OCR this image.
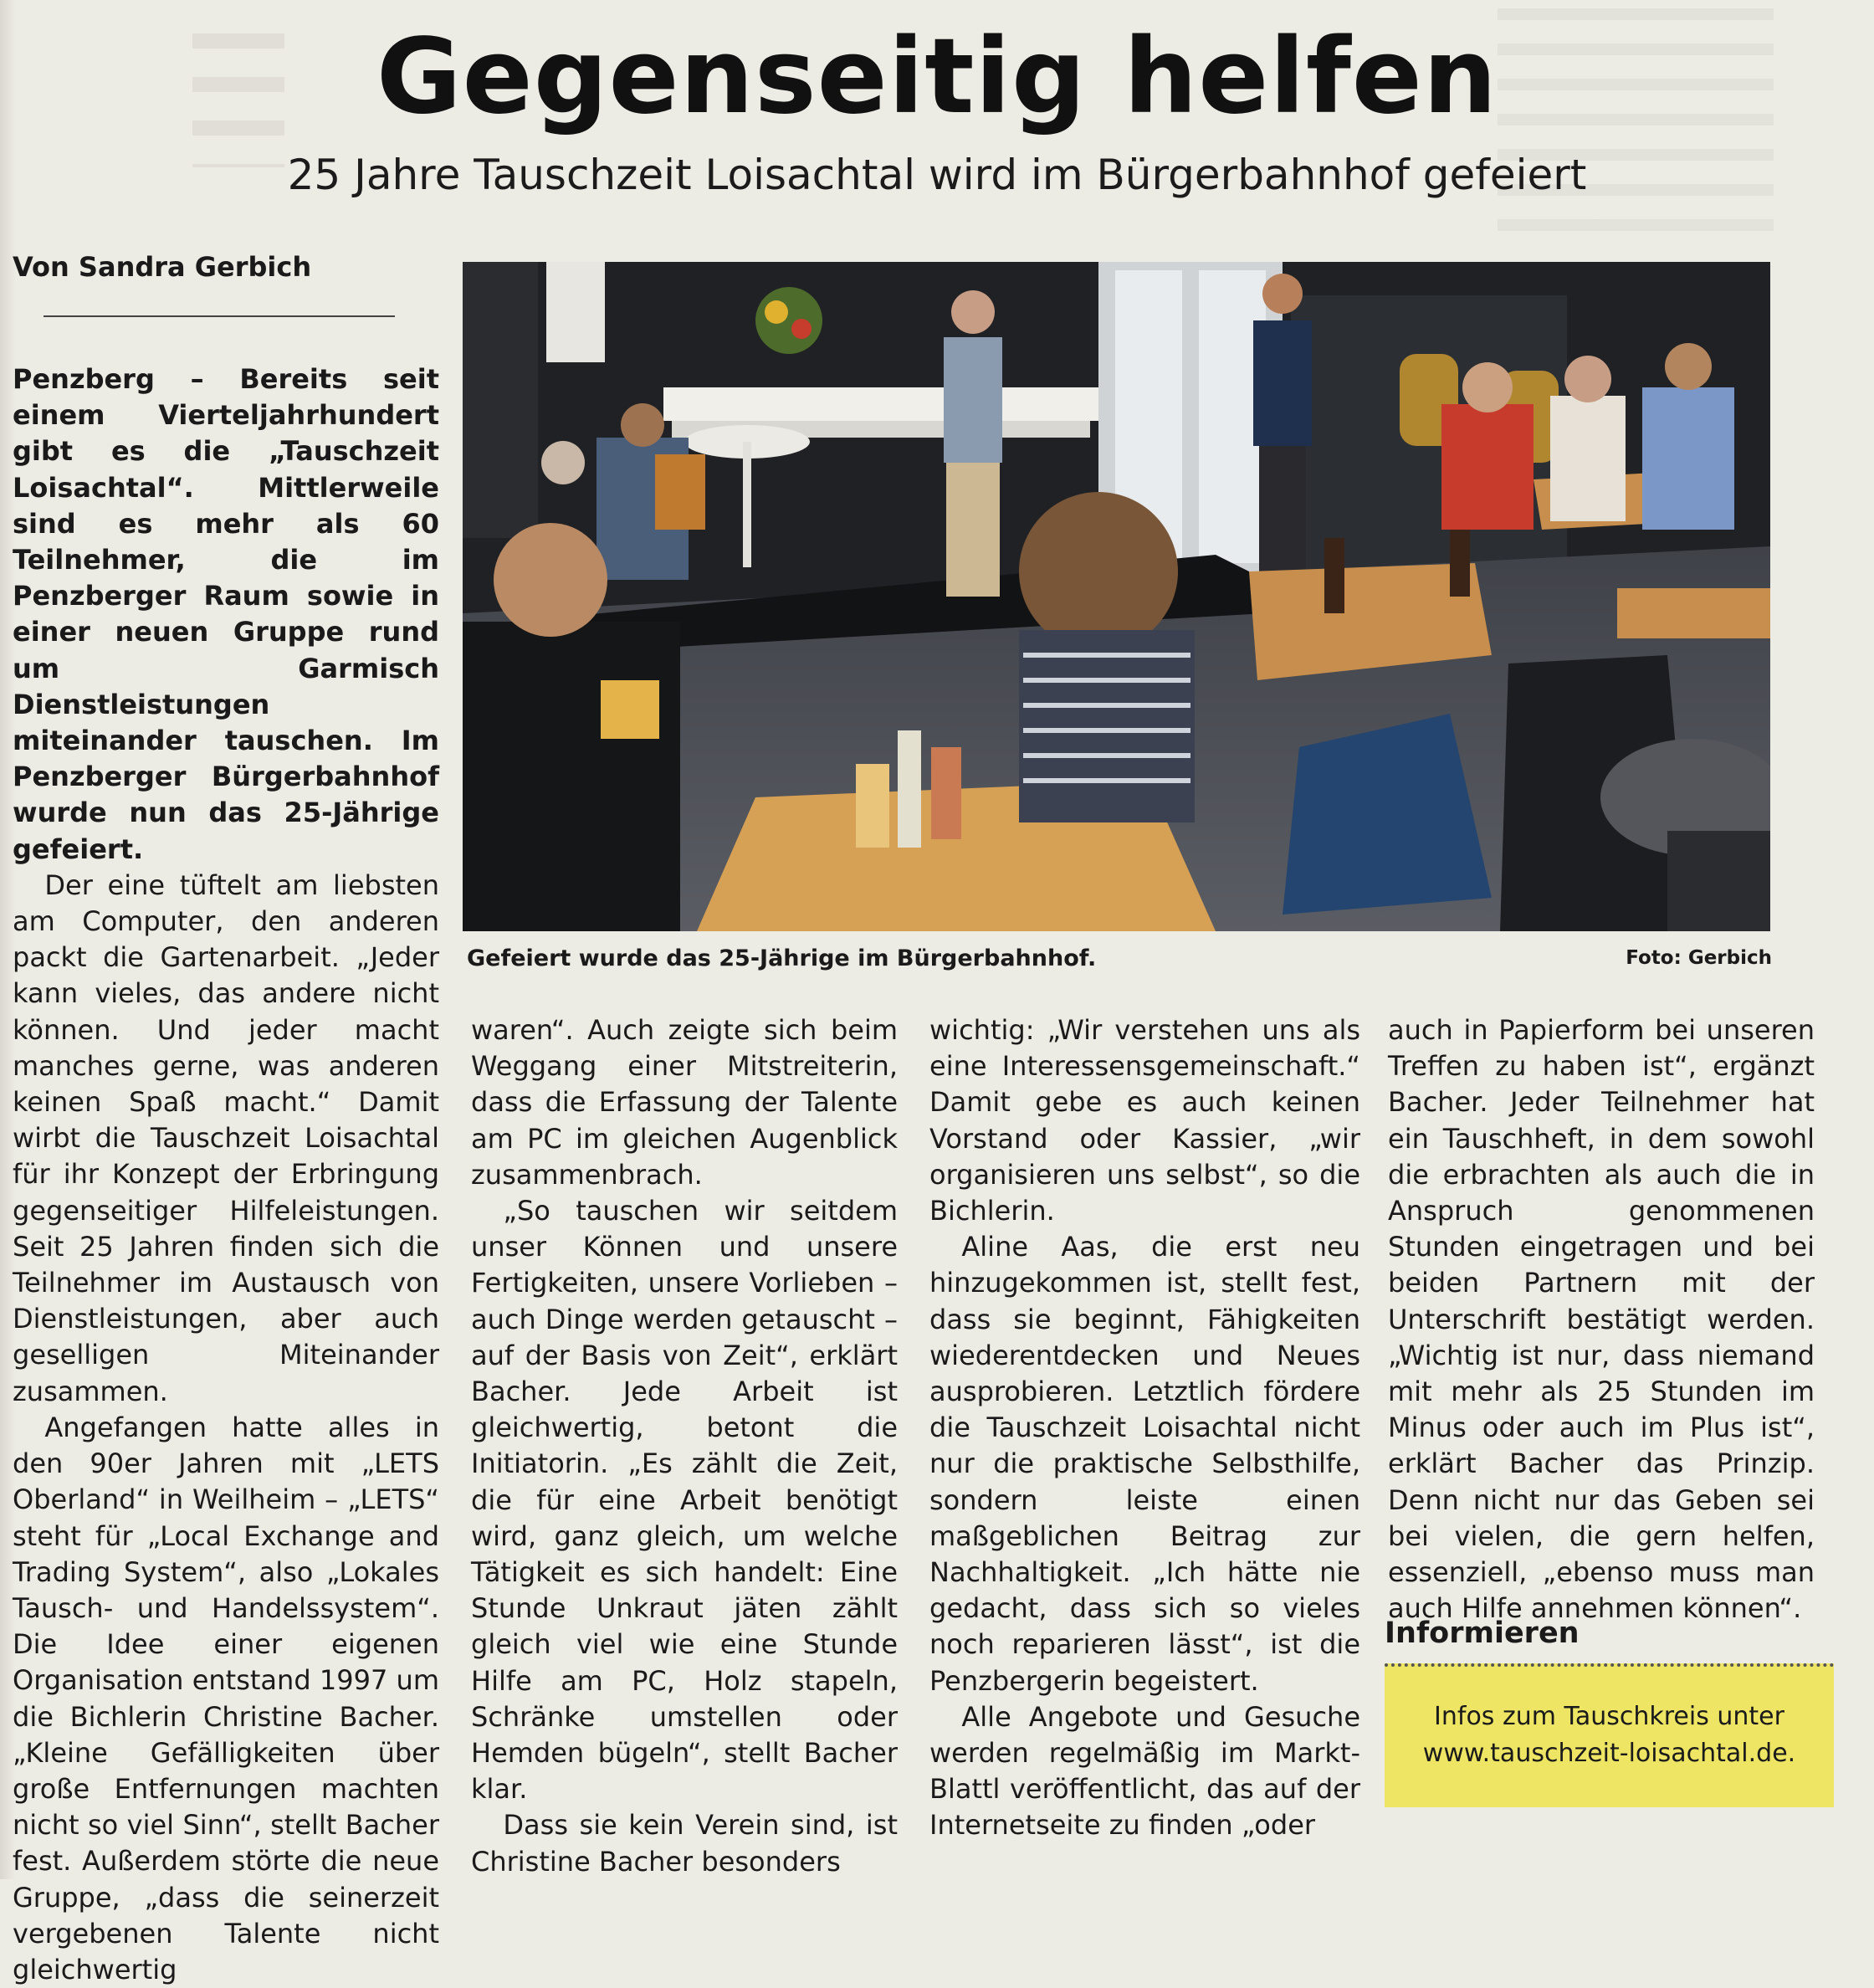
Gegenseitig helfen
25 Jahre Tauschzeit Loisachtal wird im Bürgerbahnhof gefeiert
Von Sandra Gerbich
Gefeiert wurde das 25-Jährige im Bürgerbahnhof.	Foto: Gerbich

Penzberg – Bereits seit einem Vierteljahrhundert gibt es die „Tauschzeit Loisachtal“. Mittlerweile sind es mehr als 60 Teilnehmer, die im Penzberger Raum sowie in einer neuen Gruppe rund um Garmisch Dienstleistungen miteinander tauschen. Im Penzberger Bürgerbahnhof wurde nun das 25-Jährige gefeiert.

Der eine tüftelt am liebsten am Computer, den anderen packt die Gartenarbeit. „Jeder kann vieles, das andere nicht können. Und jeder macht manches gerne, was anderen keinen Spaß macht.“ Damit wirbt die Tauschzeit Loisachtal für ihr Konzept der Erbringung gegenseitiger Hilfeleistungen. Seit 25 Jahren finden sich die Teilnehmer im Austausch von Dienstleistungen, aber auch geselligen Miteinander zusammen.

Angefangen hatte alles in den 90er Jahren mit „LETS Oberland“ in Weilheim – „LETS“ steht für „Local Exchange and Trading System“, also „Lokales Tausch- und Handelssystem“. Die Idee einer eigenen Organisation entstand 1997 um die Bichlerin Christine Bacher. „Kleine Gefälligkeiten über große Entfernungen machten nicht so viel Sinn“, stellt Bacher fest. Außerdem störte die neue Gruppe, „dass die seinerzeit vergebenen Talente nicht gleichwertig

waren“. Auch zeigte sich beim Weggang einer Mitstreiterin, dass die Erfassung der Talente am PC im gleichen Augenblick zusammenbrach.

„So tauschen wir seitdem unser Können und unsere Fertigkeiten, unsere Vorlieben – auch Dinge werden getauscht –auf der Basis von Zeit“, erklärt Bacher. Jede Arbeit ist gleichwertig, betont die Initiatorin. „Es zählt die Zeit, die für eine Arbeit benötigt wird, ganz gleich, um welche Tätigkeit es sich handelt: Eine Stunde Unkraut jäten zählt gleich viel wie eine Stunde Hilfe am PC, Holz stapeln, Schränke umstellen oder Hemden bügeln“, stellt Bacher klar.

Dass sie kein Verein sind, ist Christine Bacher besonders

wichtig: „Wir verstehen uns als eine Interessensgemeinschaft.“ Damit gebe es auch keinen Vorstand oder Kassier, „wir organisieren uns selbst“, so die Bichlerin.

Aline Aas, die erst neu hinzugekommen ist, stellt fest, dass sie beginnt, Fähigkeiten wiederentdecken und Neues ausprobieren. Letztlich fördere die Tauschzeit Loisachtal nicht nur die praktische Selbsthilfe, sondern leiste einen maßgeblichen Beitrag zur Nachhaltigkeit. „Ich hätte nie gedacht, dass sich so vieles noch reparieren lässt“, ist die Penzbergerin begeistert.

Alle Angebote und Gesuche werden regelmäßig im Markt-Blattl veröffentlicht, das auf der Internetseite zu finden „oder

auch in Papierform bei unseren Treffen zu haben ist“, ergänzt Bacher. Jeder Teilnehmer hat ein Tauschheft, in dem sowohl die erbrachten als auch die in Anspruch genommenen Stunden eingetragen und bei beiden Partnern mit der Unterschrift bestätigt werden. „Wichtig ist nur, dass niemand mit mehr als 25 Stunden im Minus oder auch im Plus ist“, erklärt Bacher das Prinzip. Denn nicht nur das Geben sei bei vielen, die gern helfen, essenziell, „ebenso muss man auch Hilfe annehmen können“.

Informieren
Infos zum Tauschkreis unter
www.tauschzeit-loisachtal.de.
